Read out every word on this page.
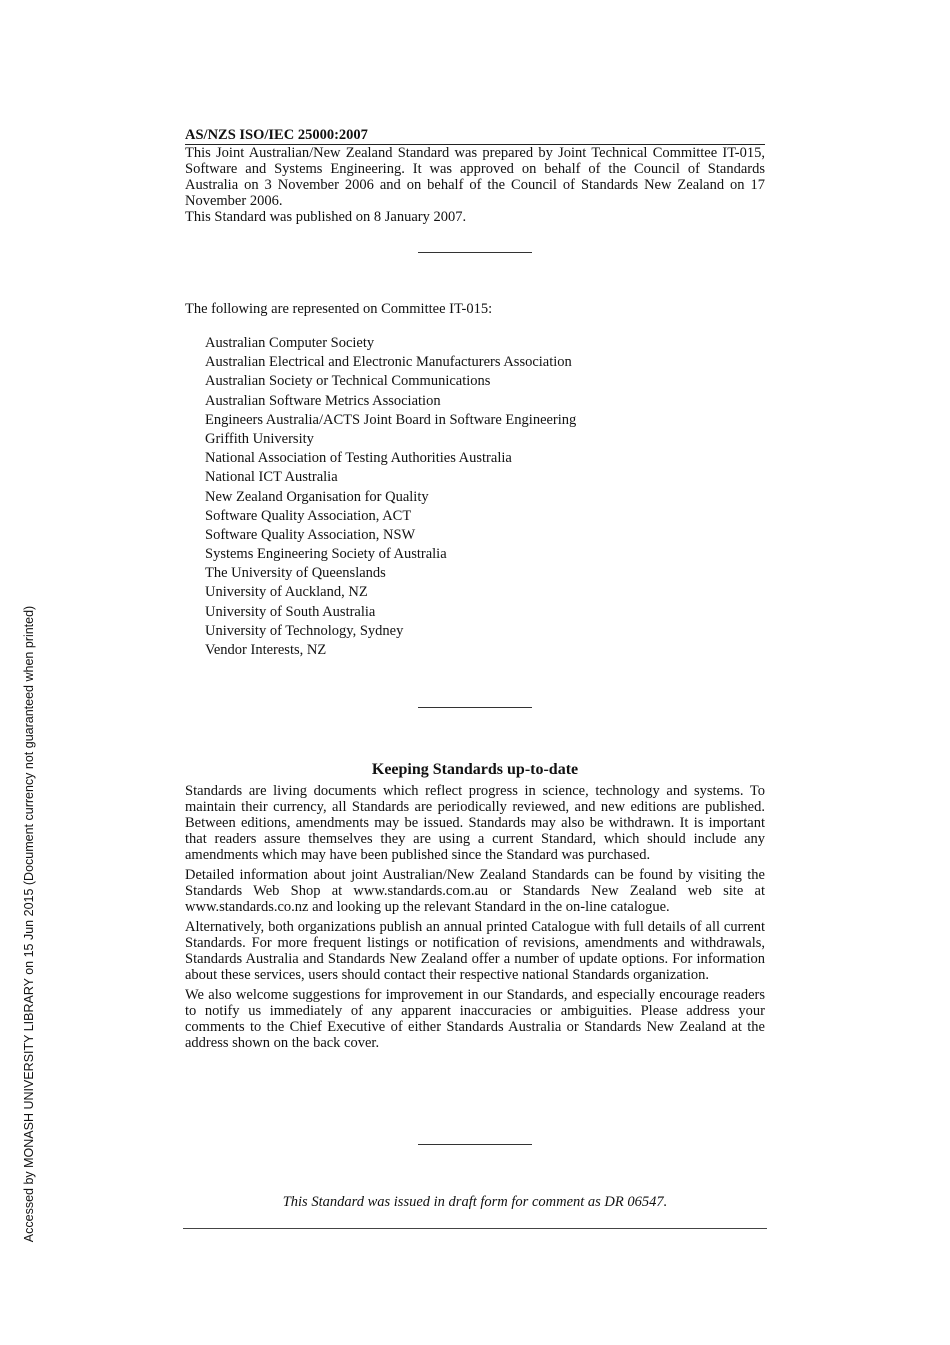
Accessed by MONASH UNIVERSITY LIBRARY on 15 Jun 2015 (Document currency not guaranteed when printed)
AS/NZS ISO/IEC 25000:2007

This Joint Australian/New Zealand Standard was prepared by Joint Technical Committee IT-015, Software and Systems Engineering. It was approved on behalf of the Council of Standards Australia on 3 November 2006 and on behalf of the Council of Standards New Zealand on 17 November 2006.

This Standard was published on 8 January 2007.

The following are represented on Committee IT-015:

Australian Computer Society
Australian Electrical and Electronic Manufacturers Association
Australian Society or Technical Communications
Australian Software Metrics Association
Engineers Australia/ACTS Joint Board in Software Engineering
Griffith University
National Association of Testing Authorities Australia
National ICT Australia
New Zealand Organisation for Quality
Software Quality Association, ACT
Software Quality Association, NSW
Systems Engineering Society of Australia
The University of Queenslands
University of Auckland, NZ
University of South Australia
University of Technology, Sydney
Vendor Interests, NZ
Keeping Standards up-to-date

Standards are living documents which reflect progress in science, technology and systems. To maintain their currency, all Standards are periodically reviewed, and new editions are published. Between editions, amendments may be issued. Standards may also be withdrawn. It is important that readers assure themselves they are using a current Standard, which should include any amendments which may have been published since the Standard was purchased.

Detailed information about joint Australian/New Zealand Standards can be found by visiting the Standards Web Shop at www.standards.com.au or Standards New Zealand web site at www.standards.co.nz and looking up the relevant Standard in the on-line catalogue.

Alternatively, both organizations publish an annual printed Catalogue with full details of all current Standards. For more frequent listings or notification of revisions, amendments and withdrawals, Standards Australia and Standards New Zealand offer a number of update options. For information about these services, users should contact their respective national Standards organization.

We also welcome suggestions for improvement in our Standards, and especially encourage readers to notify us immediately of any apparent inaccuracies or ambiguities. Please address your comments to the Chief Executive of either Standards Australia or Standards New Zealand at the address shown on the back cover.

This Standard was issued in draft form for comment as DR 06547.
